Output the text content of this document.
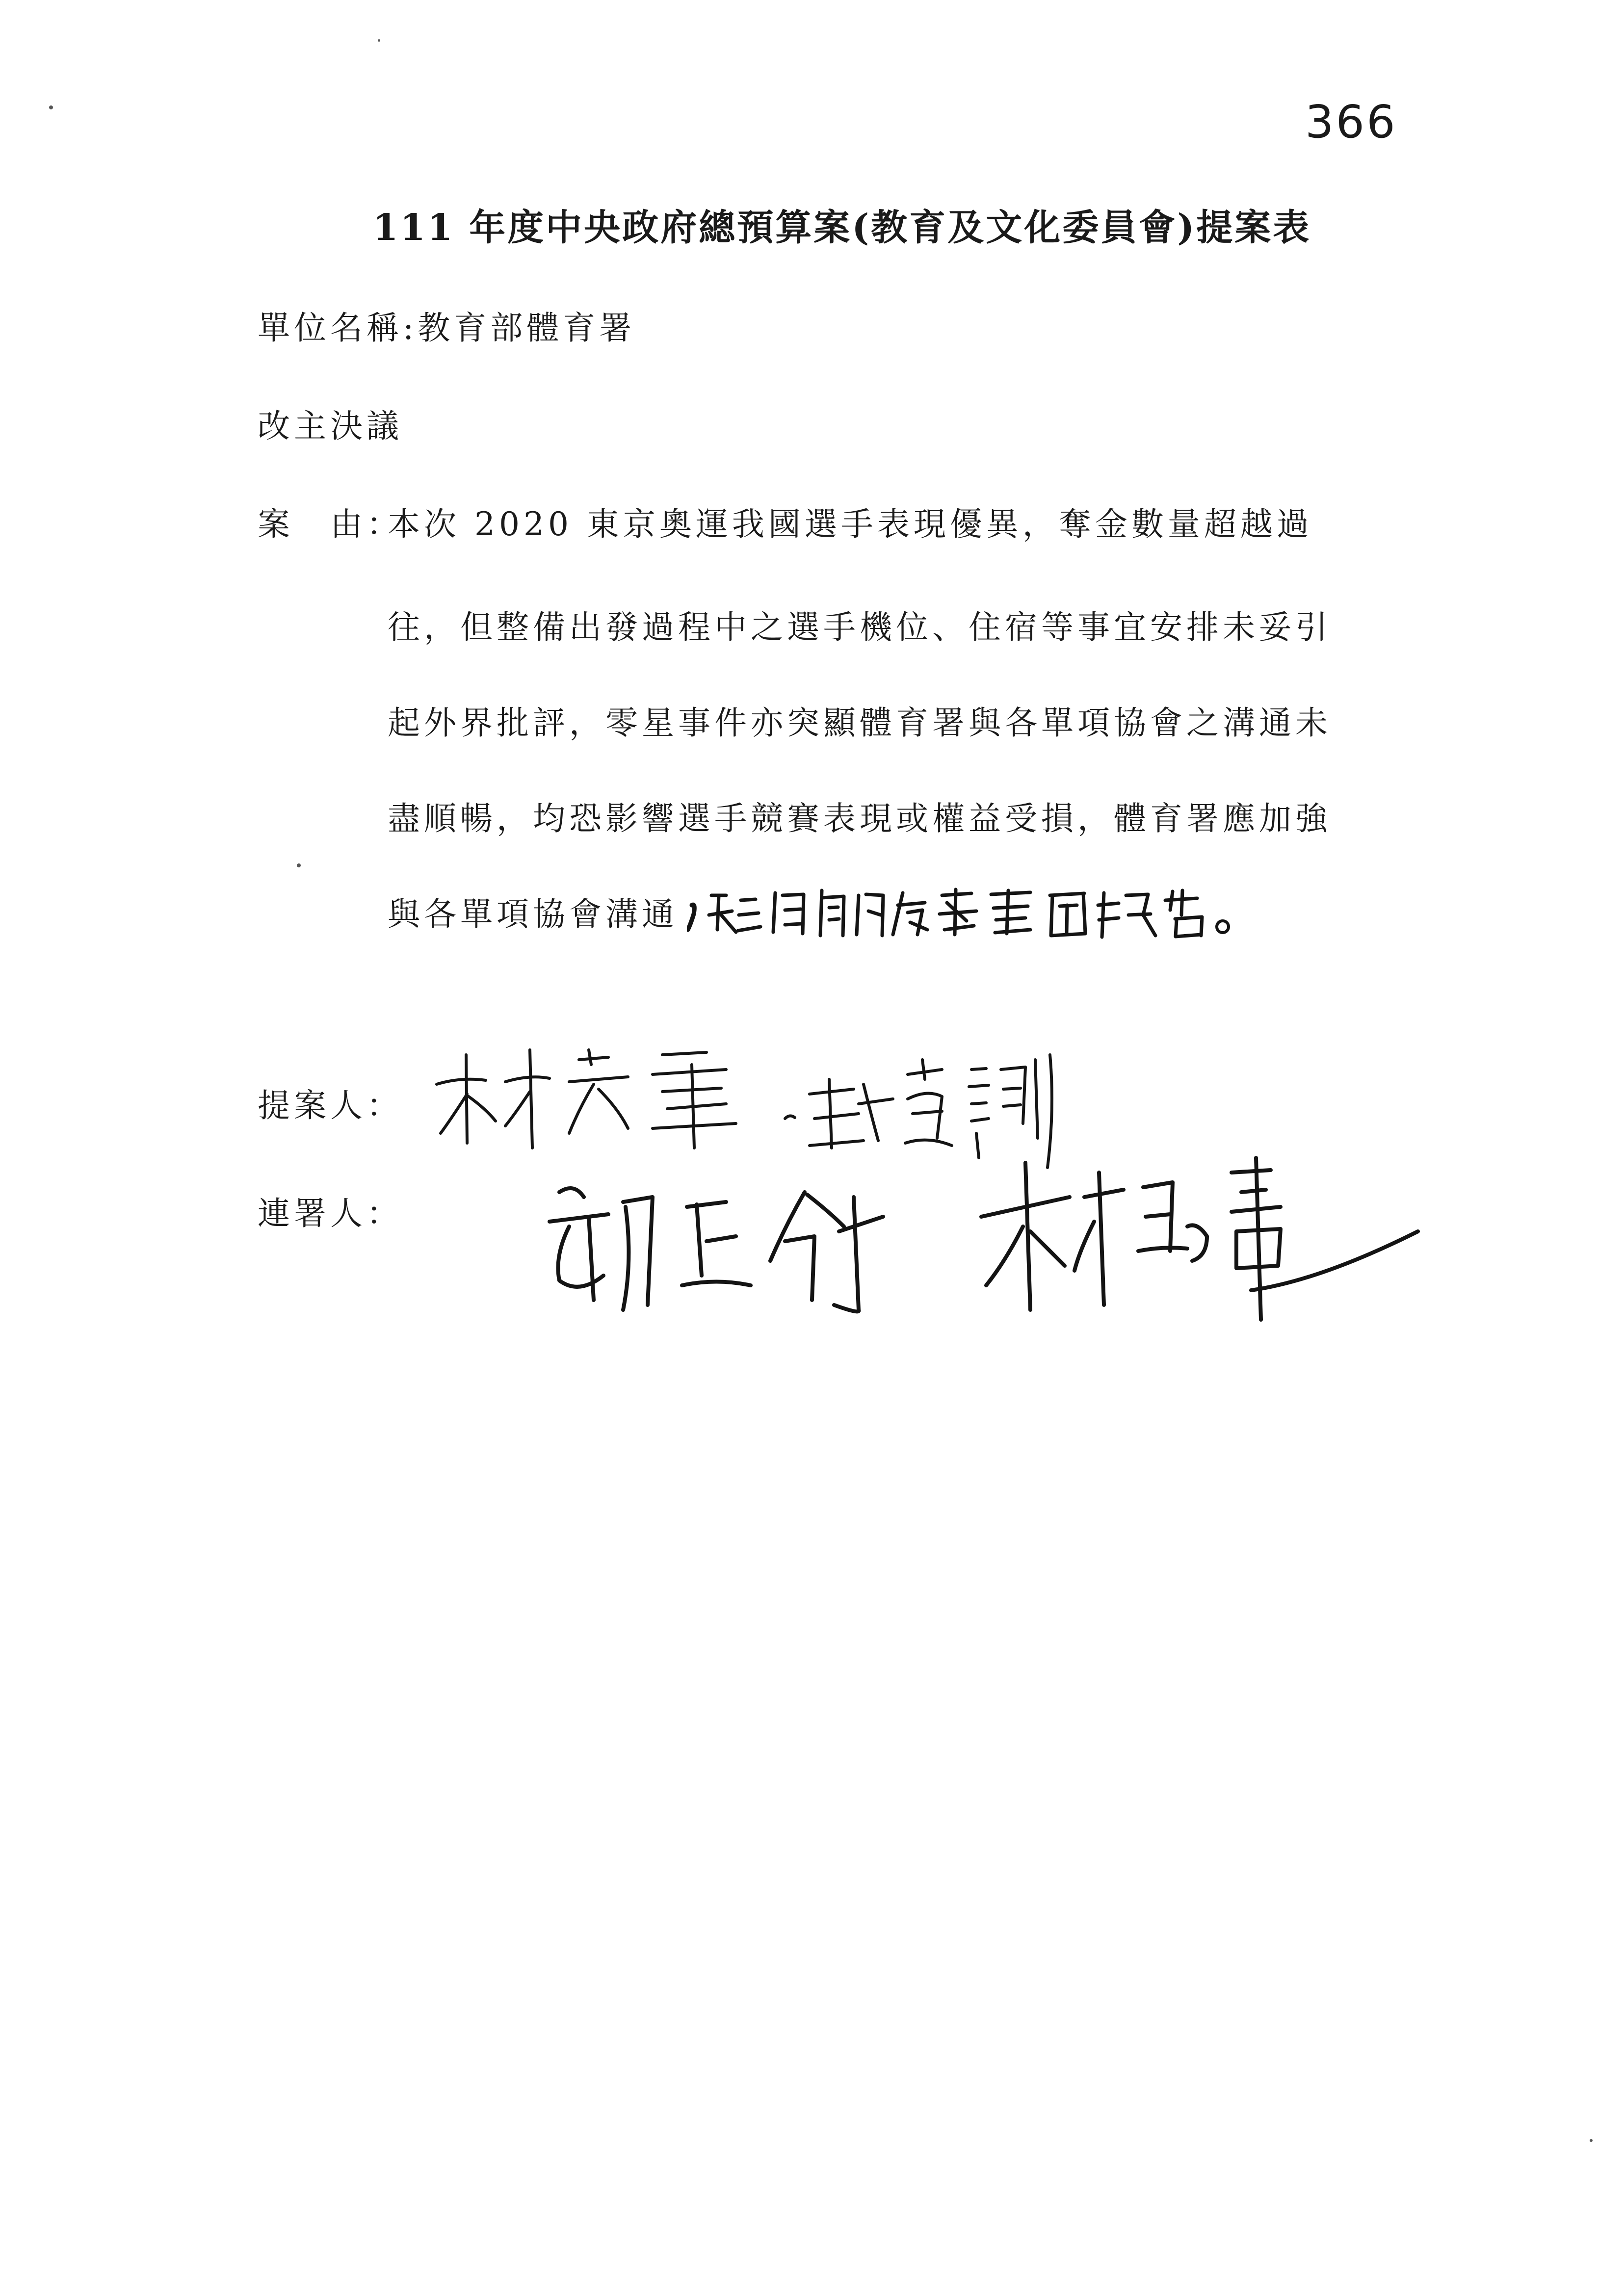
366
111 年度中央政府總預算案(教育及文化委員會)提案表
單位名稱:教育部體育署
改主決議
案　由：
本次 2020 東京奧運我國選手表現優異，奪金數量超越過
往，但整備出發過程中之選手機位、住宿等事宜安排未妥引
起外界批評，零星事件亦突顯體育署與各單項協會之溝通未
盡順暢，均恐影響選手競賽表現或權益受損，體育署應加強
與各單項協會溝通
提案人：
連署人：
